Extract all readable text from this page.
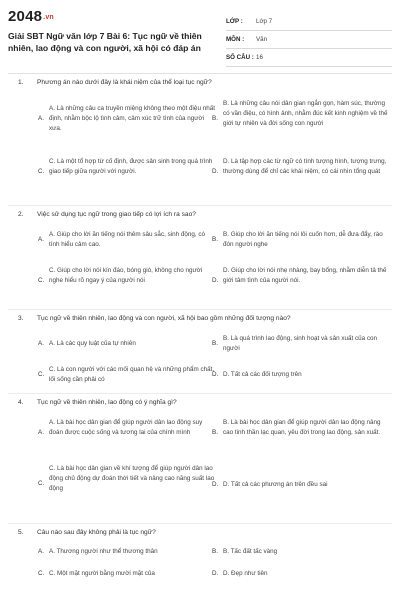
2048.vn
Giải SBT Ngữ văn lớp 7 Bài 6: Tục ngữ về thiên nhiên, lao động và con người, xã hội có đáp án
LỚP :	Lớp 7
MÔN :	Văn
SỐ CÂU : 16
1. Phương án nào dưới đây là khái niệm của thể loại tục ngữ?
A.
A. Là những câu ca truyền miệng không theo một điệu nhất định, nhằm bộc lộ tình cảm, cảm xúc trữ tình của người xưa.
B.
B. Là những câu nói dân gian ngắn gọn, hàm súc, thường có vần điệu, có hình ảnh, nhằm đúc kết kinh nghiệm về thế giới tự nhiên và đời sống con người
C.
C. Là một tổ hợp từ cố định, được sản sinh trong quá trình giao tiếp giữa người với người.	D.
D. Là tập hợp các từ ngữ có tính tượng hình, tượng trưng, thường dùng để chỉ các khái niệm, có cái nhìn tổng quát
2. Việc sử dụng tục ngữ trong giao tiếp có lợi ích ra sao?
A.
A. Giúp cho lời ăn tiếng nói thêm sâu sắc, sinh động, có tính hiểu cảm cao.
B.
B. Giúp cho lời ăn tiếng nói lôi cuốn hơn, dễ đưa đẩy, rào đón người nghe
C.
C. Giúp cho lời nói kín đáo, bóng gió, không cho người nghe hiểu rõ ngay ý của người nói	D.
D. Giúp cho lời nói nhẹ nhàng, bay bổng, nhằm diễn tả thế giới tâm tình của người nói.
3. Tục ngữ về thiên nhiên, lao động và con người, xã hội bao gồm những đối tượng nào?
A. A. Là các quy luật của tự nhiên	B.
B. Là quá trình lao động, sinh hoạt và sản xuất của con người
C.
C. Là con người với các mối quan hệ và những phẩm chất, lối sống cần phải có
D. D. Tất cả các đối tượng trên
4. Tục ngữ về thiên nhiên, lao động có ý nghĩa gì?
A.
A. Là bài học dân gian để giúp người dân lao động suy đoán được cuộc sống và tương lai của chính mình	B.
B. Là bài học dân gian để giúp người dân lao động nâng cao tinh thần lạc quan, yêu đời trong lao động, sản xuất.
C.
C. Là bài học dân gian về khí tượng để giúp người dân lao động chủ động dự đoán thời tiết và nâng cao năng suất lao động
D. D. Tất cả các phương án trên đều sai
5. Câu nào sau đây không phải là tục ngữ?
A. A. Thương người như thể thương thân	B. B. Tấc đất tấc vàng
C. C. Một mặt người bằng mười mặt của	D. D. Đẹp như tiên
